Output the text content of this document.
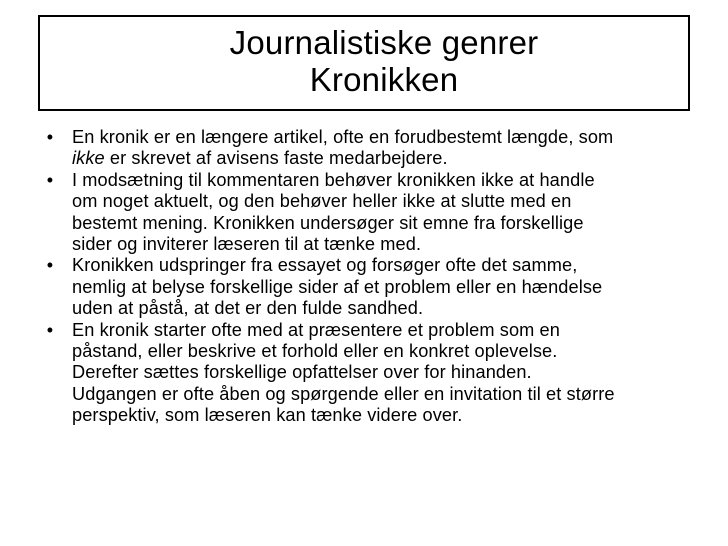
Journalistiske genrer
Kronikken
• En kronik er en længere artikel, ofte en forudbestemt længde, som
ikke er skrevet af avisens faste medarbejdere.
• I modsætning til kommentaren behøver kronikken ikke at handle
om noget aktuelt, og den behøver heller ikke at slutte med en
bestemt mening. Kronikken undersøger sit emne fra forskellige
sider og inviterer læseren til at tænke med.
• Kronikken udspringer fra essayet og forsøger ofte det samme,
nemlig at belyse forskellige sider af et problem eller en hændelse
uden at påstå, at det er den fulde sandhed.
• En kronik starter ofte med at præsentere et problem som en
påstand, eller beskrive et forhold eller en konkret oplevelse.
Derefter sættes forskellige opfattelser over for hinanden.
Udgangen er ofte åben og spørgende eller en invitation til et større
perspektiv, som læseren kan tænke videre over.
